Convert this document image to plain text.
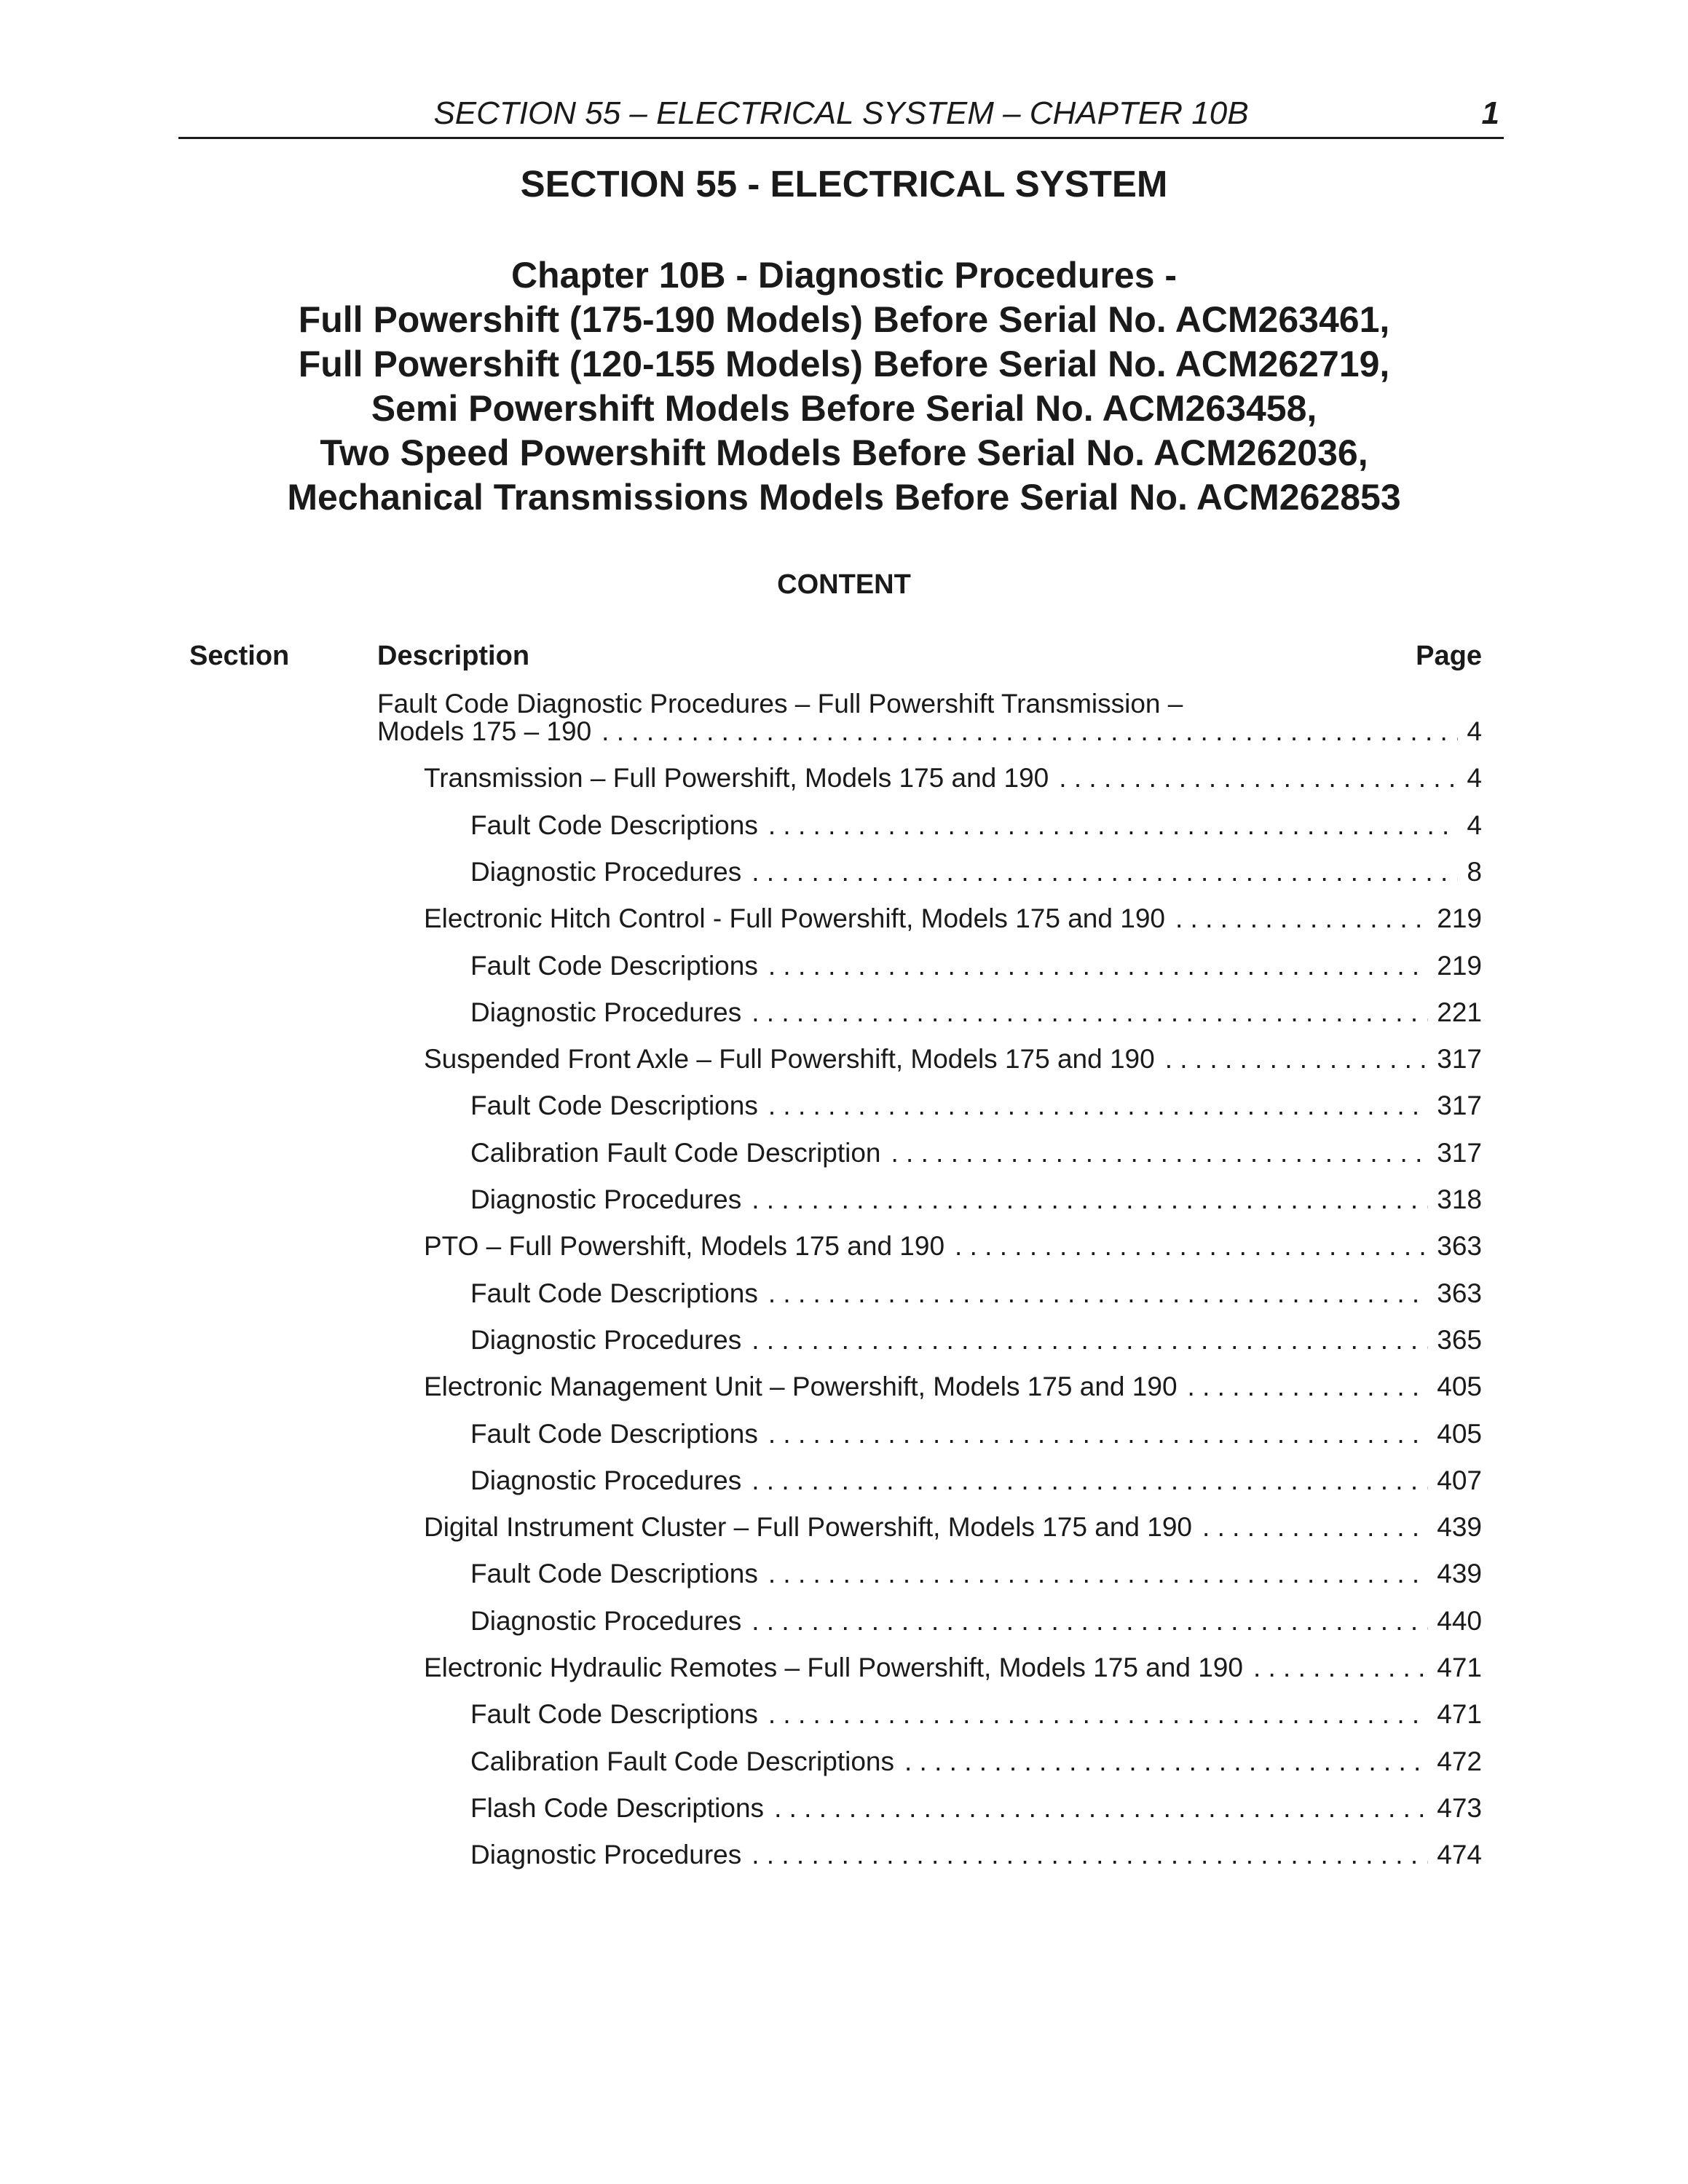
SECTION 55 – ELECTRICAL SYSTEM – CHAPTER 10B	1
SECTION 55 - ELECTRICAL SYSTEM
Chapter 10B - Diagnostic Procedures -
Full Powershift (175-190 Models) Before Serial No. ACM263461,
Full Powershift (120-155 Models) Before Serial No. ACM262719,
Semi Powershift Models Before Serial No. ACM263458,
Two Speed Powershift Models Before Serial No. ACM262036,
Mechanical Transmissions Models Before Serial No. ACM262853
CONTENT
Section	Description	Page
Fault Code Diagnostic Procedures – Full Powershift Transmission –
Models 175 – 190 . . .	4
Transmission – Full Powershift, Models 175 and 190 . . .	4
Fault Code Descriptions . . .	4
Diagnostic Procedures . . .	8
Electronic Hitch Control - Full Powershift, Models 175 and 190 . . .	219
Fault Code Descriptions . . .	219
Diagnostic Procedures . . .	221
Suspended Front Axle – Full Powershift, Models 175 and 190 . . .	317
Fault Code Descriptions . . .	317
Calibration Fault Code Description . . .	317
Diagnostic Procedures . . .	318
PTO – Full Powershift, Models 175 and 190 . . .	363
Fault Code Descriptions . . .	363
Diagnostic Procedures . . .	365
Electronic Management Unit – Powershift, Models 175 and 190 . . .	405
Fault Code Descriptions . . .	405
Diagnostic Procedures . . .	407
Digital Instrument Cluster – Full Powershift, Models 175 and 190 . . .	439
Fault Code Descriptions . . .	439
Diagnostic Procedures . . .	440
Electronic Hydraulic Remotes – Full Powershift, Models 175 and 190 . . .	471
Fault Code Descriptions . . .	471
Calibration Fault Code Descriptions . . .	472
Flash Code Descriptions . . .	473
Diagnostic Procedures . . .	474
